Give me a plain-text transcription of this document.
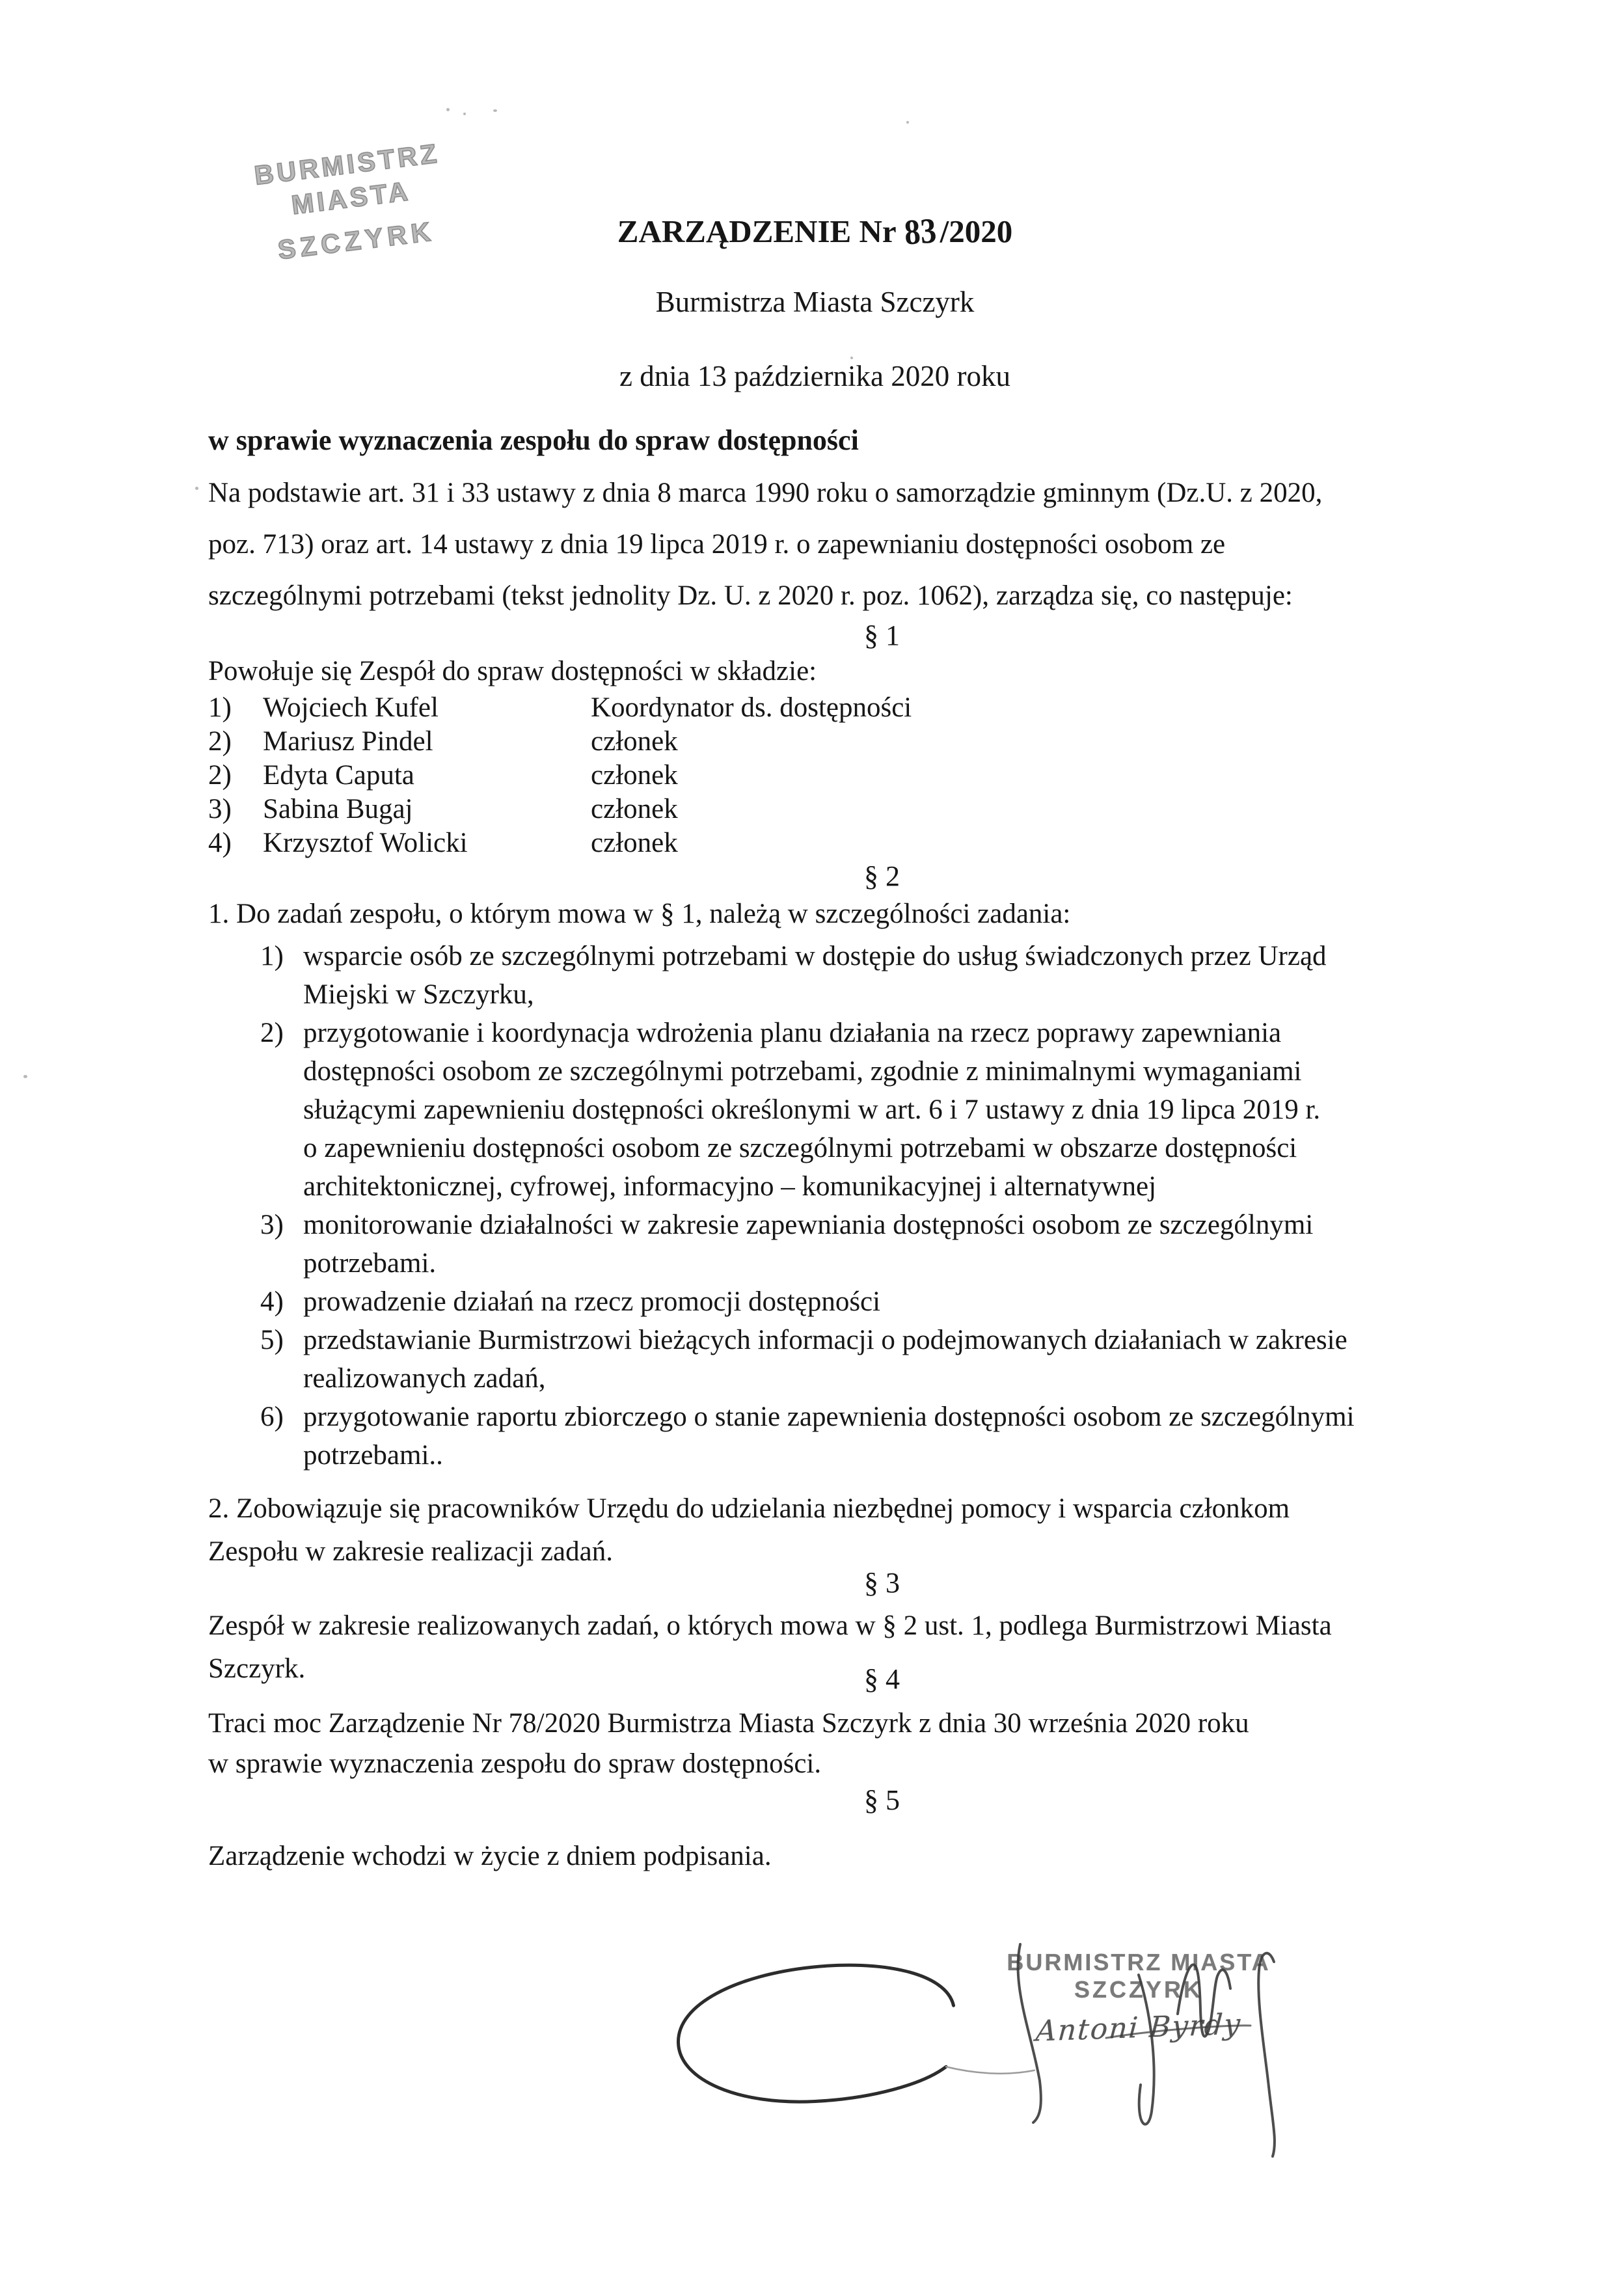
BURMISTRZ MIASTA
SZCZYRK	ZARZĄDZENIE Nr 83/2020
Burmistrza Miasta Szczyrk
z dnia 13 października 2020 roku
w sprawie wyznaczenia zespołu do spraw dostępności
Na podstawie art. 31 i 33 ustawy z dnia 8 marca 1990 roku o samorządzie gminnym (Dz.U. z 2020,
poz. 713) oraz art. 14 ustawy z dnia 19 lipca 2019 r. o zapewnianiu dostępności osobom ze
szczególnymi potrzebami (tekst jednolity Dz. U. z 2020 r. poz. 1062), zarządza się, co następuje:
§ 1
Powołuje się Zespół do spraw dostępności w składzie:
1)	Wojciech Kufel	Koordynator ds. dostępności
2)	Mariusz Pindel	członek
2)	Edyta Caputa	członek
3)	Sabina Bugaj	członek
4)	Krzysztof Wolicki	członek
§ 2
1. Do zadań zespołu, o którym mowa w § 1, należą w szczególności zadania:
1) wsparcie osób ze szczególnymi potrzebami w dostępie do usług świadczonych przez Urząd
Miejski w Szczyrku,
2) przygotowanie i koordynacja wdrożenia planu działania na rzecz poprawy zapewniania
dostępności osobom ze szczególnymi potrzebami, zgodnie z minimalnymi wymaganiami
służącymi zapewnieniu dostępności określonymi w art. 6 i 7 ustawy z dnia 19 lipca 2019 r.
o zapewnieniu dostępności osobom ze szczególnymi potrzebami w obszarze dostępności
architektonicznej, cyfrowej, informacyjno – komunikacyjnej i alternatywnej
3) monitorowanie działalności w zakresie zapewniania dostępności osobom ze szczególnymi
potrzebami.
4) prowadzenie działań na rzecz promocji dostępności
5) przedstawianie Burmistrzowi bieżących informacji o podejmowanych działaniach w zakresie
realizowanych zadań,
6) przygotowanie raportu zbiorczego o stanie zapewnienia dostępności osobom ze szczególnymi
potrzebami..
2. Zobowiązuje się pracowników Urzędu do udzielania niezbędnej pomocy i wsparcia członkom
Zespołu w zakresie realizacji zadań.
§ 3
Zespół w zakresie realizowanych zadań, o których mowa w § 2 ust. 1, podlega Burmistrzowi Miasta
Szczyrk.	§ 4
Traci moc Zarządzenie Nr 78/2020 Burmistrza Miasta Szczyrk z dnia 30 września 2020 roku
w sprawie wyznaczenia zespołu do spraw dostępności.
§ 5
Zarządzenie wchodzi w życie z dniem podpisania.
BURMISTRZ MIASTA
SZCZYRK
Antoni Byrdy
